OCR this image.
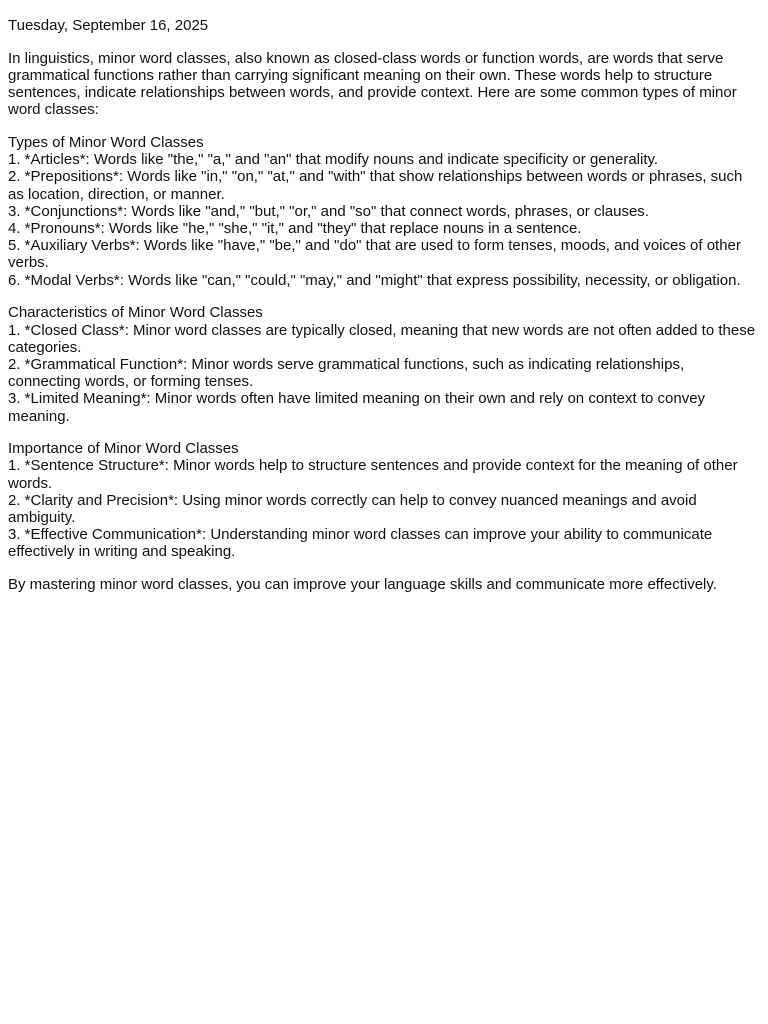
Tuesday, September 16, 2025

In linguistics, minor word classes, also known as closed-class words or function words, are words that serve grammatical functions rather than carrying significant meaning on their own. These words help to structure sentences, indicate relationships between words, and provide context. Here are some common types of minor word classes:

Types of Minor Word Classes

1. *Articles*: Words like "the," "a," and "an" that modify nouns and indicate specificity or generality.

2. *Prepositions*: Words like "in," "on," "at," and "with" that show relationships between words or phrases, such as location, direction, or manner.

3. *Conjunctions*: Words like "and," "but," "or," and "so" that connect words, phrases, or clauses.

4. *Pronouns*: Words like "he," "she," "it," and "they" that replace nouns in a sentence.

5. *Auxiliary Verbs*: Words like "have," "be," and "do" that are used to form tenses, moods, and voices of other verbs.

6. *Modal Verbs*: Words like "can," "could," "may," and "might" that express possibility, necessity, or obligation.

Characteristics of Minor Word Classes

1. *Closed Class*: Minor word classes are typically closed, meaning that new words are not often added to these categories.

2. *Grammatical Function*: Minor words serve grammatical functions, such as indicating relationships, connecting words, or forming tenses.

3. *Limited Meaning*: Minor words often have limited meaning on their own and rely on context to convey meaning.

Importance of Minor Word Classes

1. *Sentence Structure*: Minor words help to structure sentences and provide context for the meaning of other words.

2. *Clarity and Precision*: Using minor words correctly can help to convey nuanced meanings and avoid ambiguity.

3. *Effective Communication*: Understanding minor word classes can improve your ability to communicate effectively in writing and speaking.

By mastering minor word classes, you can improve your language skills and communicate more effectively.
